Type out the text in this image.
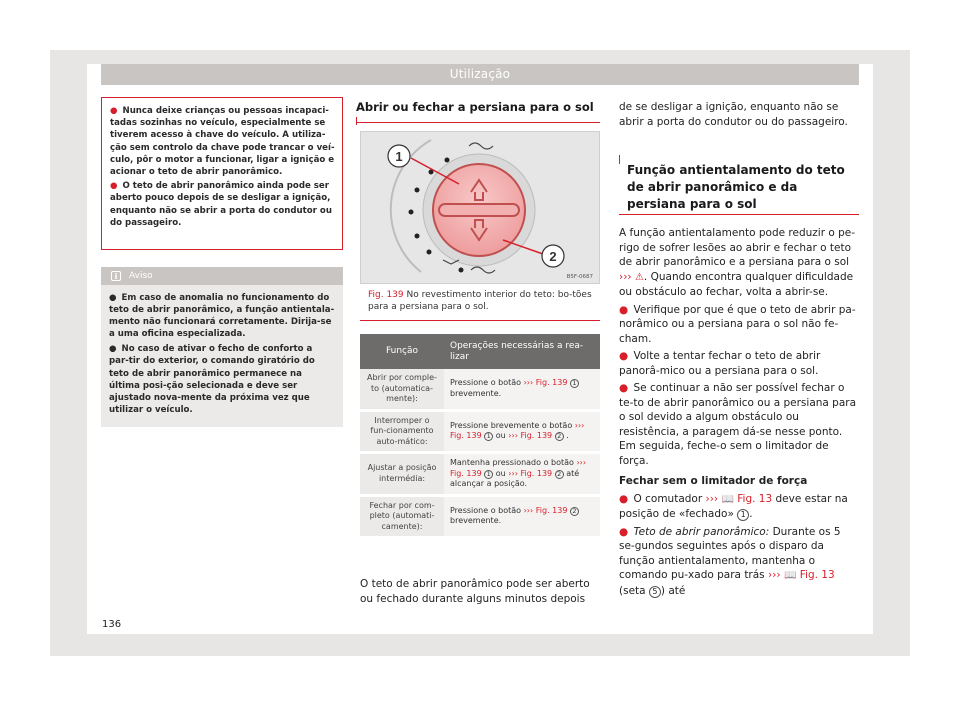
Utilização

● Nunca deixe crianças ou pessoas incapaci-tadas sozinhas no veículo, especialmente se tiverem acesso à chave do veículo. A utiliza-ção sem controlo da chave pode trancar o veí-culo, pôr o motor a funcionar, ligar a ignição e acionar o teto de abrir panorâmico.

● O teto de abrir panorâmico ainda pode ser aberto pouco depois de se desligar a ignição, enquanto não se abrir a porta do condutor ou do passageiro.

i	Aviso

● Em caso de anomalia no funcionamento do teto de abrir panorâmico, a função antientala-mento não funcionará corretamente. Dirija-se a uma oficina especializada.

● No caso de ativar o fecho de conforto a par-tir do exterior, o comando giratório do teto de abrir panorâmico permanece na última posi-ção selecionada e deve ser ajustado nova-mente da próxima vez que utilizar o veículo.

Abrir ou fechar a persiana para o sol
1
2
B5F-0687
Fig. 139 No revestimento interior do teto: bo-tões para a persiana para o sol.
Função	Operações necessárias a rea-lizar
Abrir por comple-to (automatica-mente):	Pressione o botão ››› Fig. 139 1 brevemente.
Interromper o fun-cionamento auto-mático:	Pressione brevemente o botão ››› Fig. 139 1 ou ››› Fig. 139 2 .
Ajustar a posição intermédia:	Mantenha pressionado o botão ››› Fig. 139 1 ou ››› Fig. 139 2 até alcançar a posição.
Fechar por com-pleto (automati-camente):	Pressione o botão ››› Fig. 139 2 brevemente.
O teto de abrir panorâmico pode ser aberto ou fechado durante alguns minutos depois
de se desligar a ignição, enquanto não se abrir a porta do condutor ou do passageiro.
Função antientalamento do teto de abrir panorâmico e da persiana para o sol

A função antientalamento pode reduzir o pe-rigo de sofrer lesões ao abrir e fechar o teto de abrir panorâmico e a persiana para o sol ››› ⚠. Quando encontra qualquer dificuldade ou obstáculo ao fechar, volta a abrir-se.

● Verifique por que é que o teto de abrir pa-norâmico ou a persiana para o sol não fe-cham.

● Volte a tentar fechar o teto de abrir panorâ-mico ou a persiana para o sol.

● Se continuar a não ser possível fechar o te-to de abrir panorâmico ou a persiana para o sol devido a algum obstáculo ou resistência, a paragem dá-se nesse ponto. Em seguida, feche-o sem o limitador de força.

Fechar sem o limitador de força

● O comutador ››› 📖 Fig. 13 deve estar na posição de «fechado» 1 .

● Teto de abrir panorâmico: Durante os 5 se-gundos seguintes após o disparo da função antientalamento, mantenha o comando pu-xado para trás ››› 📖 Fig. 13 (seta 5 ) até

136
